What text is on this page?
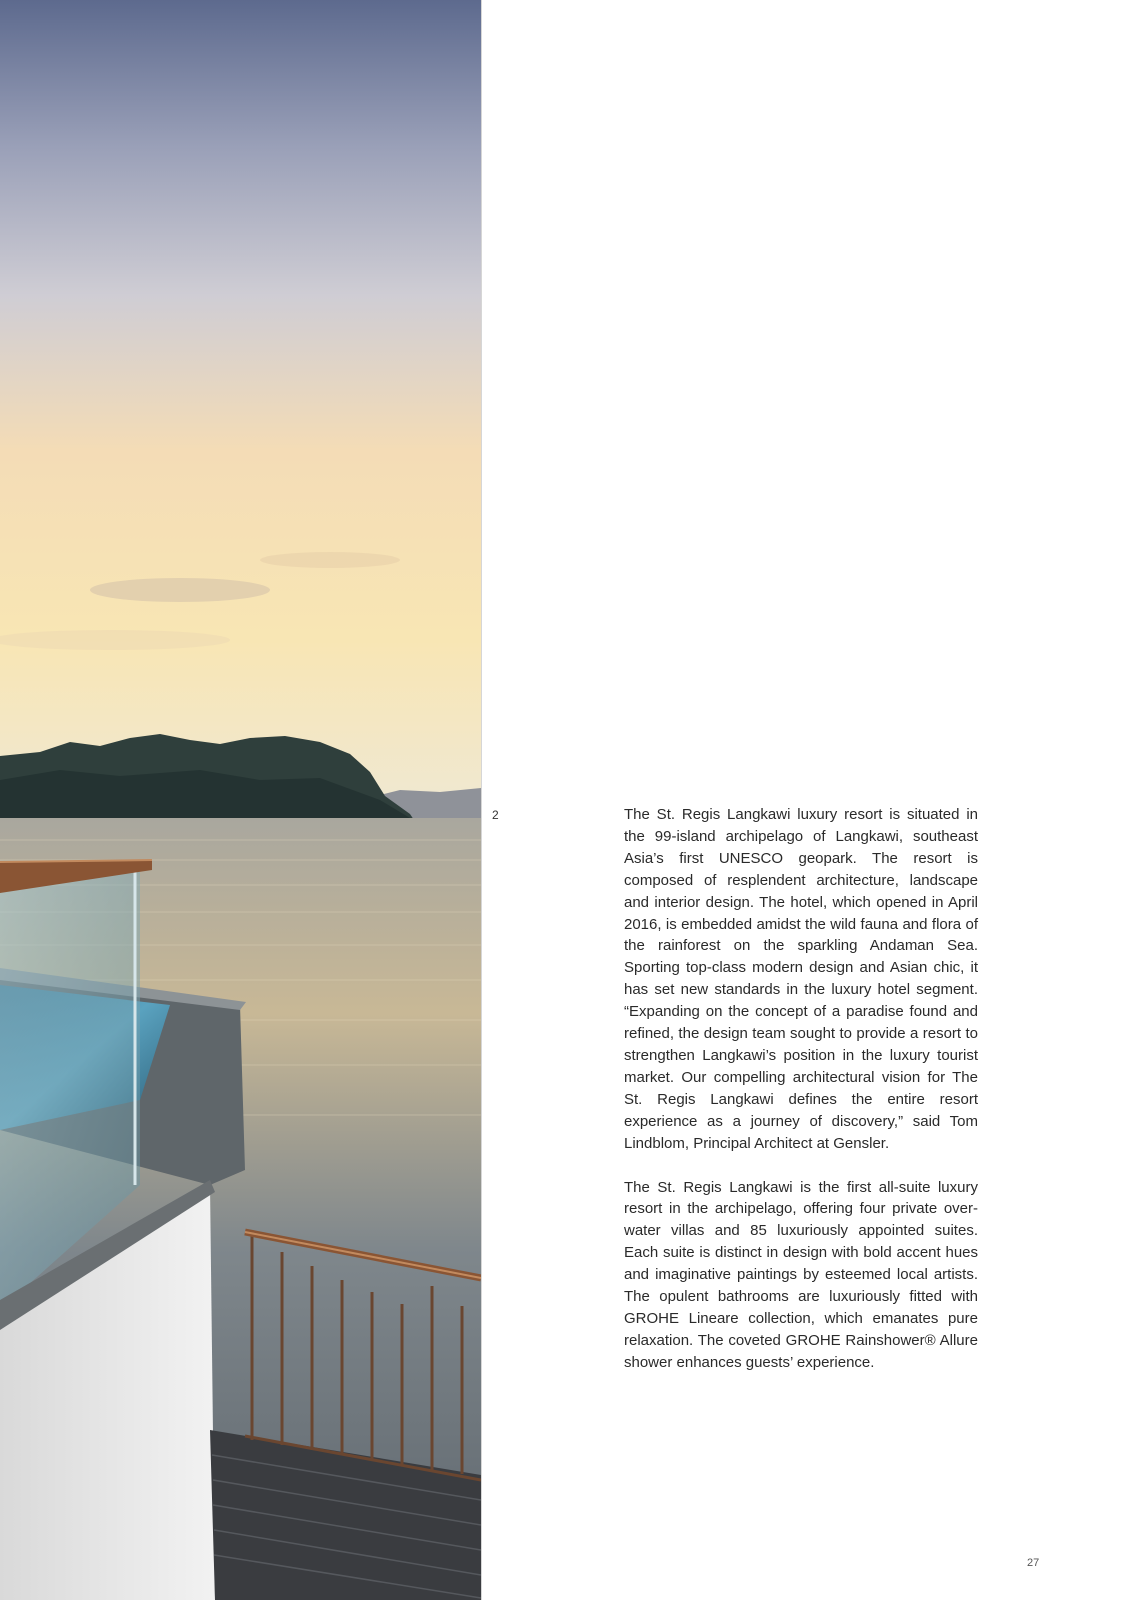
2	The St. Regis Langkawi luxury resort is situated in the 99-island archipelago of Langkawi, southeast Asia’s first UNESCO geopark. The resort is composed of resplendent architecture, landscape and interior design. The hotel, which opened in April 2016, is embedded amidst the wild fauna and flora of the rainforest on the sparkling Andaman Sea. Sporting top-class modern design and Asian chic, it has set new standards in the luxury hotel segment. “Expanding on the concept of a paradise found and refined, the design team sought to provide a resort to strengthen Langkawi’s position in the luxury tourist market. Our compelling architectural vision for The St. Regis Langkawi defines the entire resort experience as a journey of discovery,” said Tom Lindblom, Principal Architect at Gensler.

The St. Regis Langkawi is the first all-suite luxury resort in the archipelago, offering four private over-water villas and 85 luxuriously appointed suites. Each suite is distinct in design with bold accent hues and imaginative paintings by esteemed local artists. The opulent bathrooms are luxuriously fitted with GROHE Lineare collection, which emanates pure relaxation. The coveted GROHE Rainshower® Allure shower enhances guests’ experience.

27
